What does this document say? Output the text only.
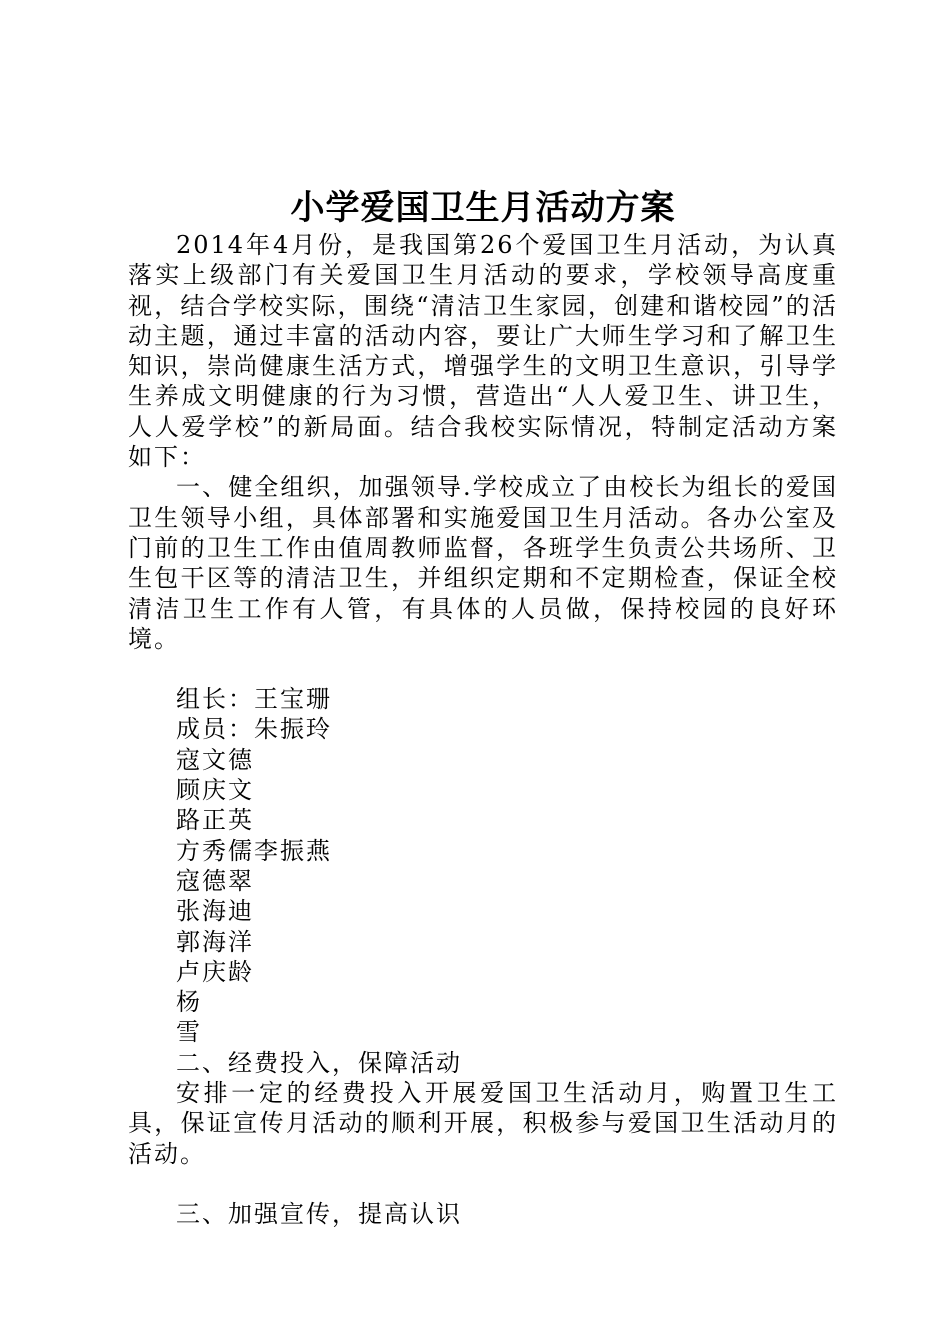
小学爱国卫生月活动方案

2014年4月份，是我国第26个爱国卫生月活动，为认真落实上级部门有关爱国卫生月活动的要求，学校领导高度重视，结合学校实际，围绕“清洁卫生家园，创建和谐校园”的活动主题，通过丰富的活动内容，要让广大师生学习和了解卫生知识，崇尚健康生活方式，增强学生的文明卫生意识，引导学生养成文明健康的行为习惯，营造出“人人爱卫生、讲卫生，人人爱学校”的新局面。结合我校实际情况，特制定活动方案如下：

一、健全组织，加强领导.学校成立了由校长为组长的爱国卫生领导小组，具体部署和实施爱国卫生月活动。各办公室及门前的卫生工作由值周教师监督，各班学生负责公共场所、卫生包干区等的清洁卫生，并组织定期和不定期检查，保证全校清洁卫生工作有人管，有具体的人员做，保持校园的良好环境。

组长：王宝珊

成员：朱振玲

寇文德

顾庆文

路正英

方秀儒李振燕

寇德翠

张海迪

郭海洋

卢庆龄

杨

雪

二、经费投入，保障活动

安排一定的经费投入开展爱国卫生活动月，购置卫生工具，保证宣传月活动的顺利开展，积极参与爱国卫生活动月的活动。

三、加强宣传，提高认识
